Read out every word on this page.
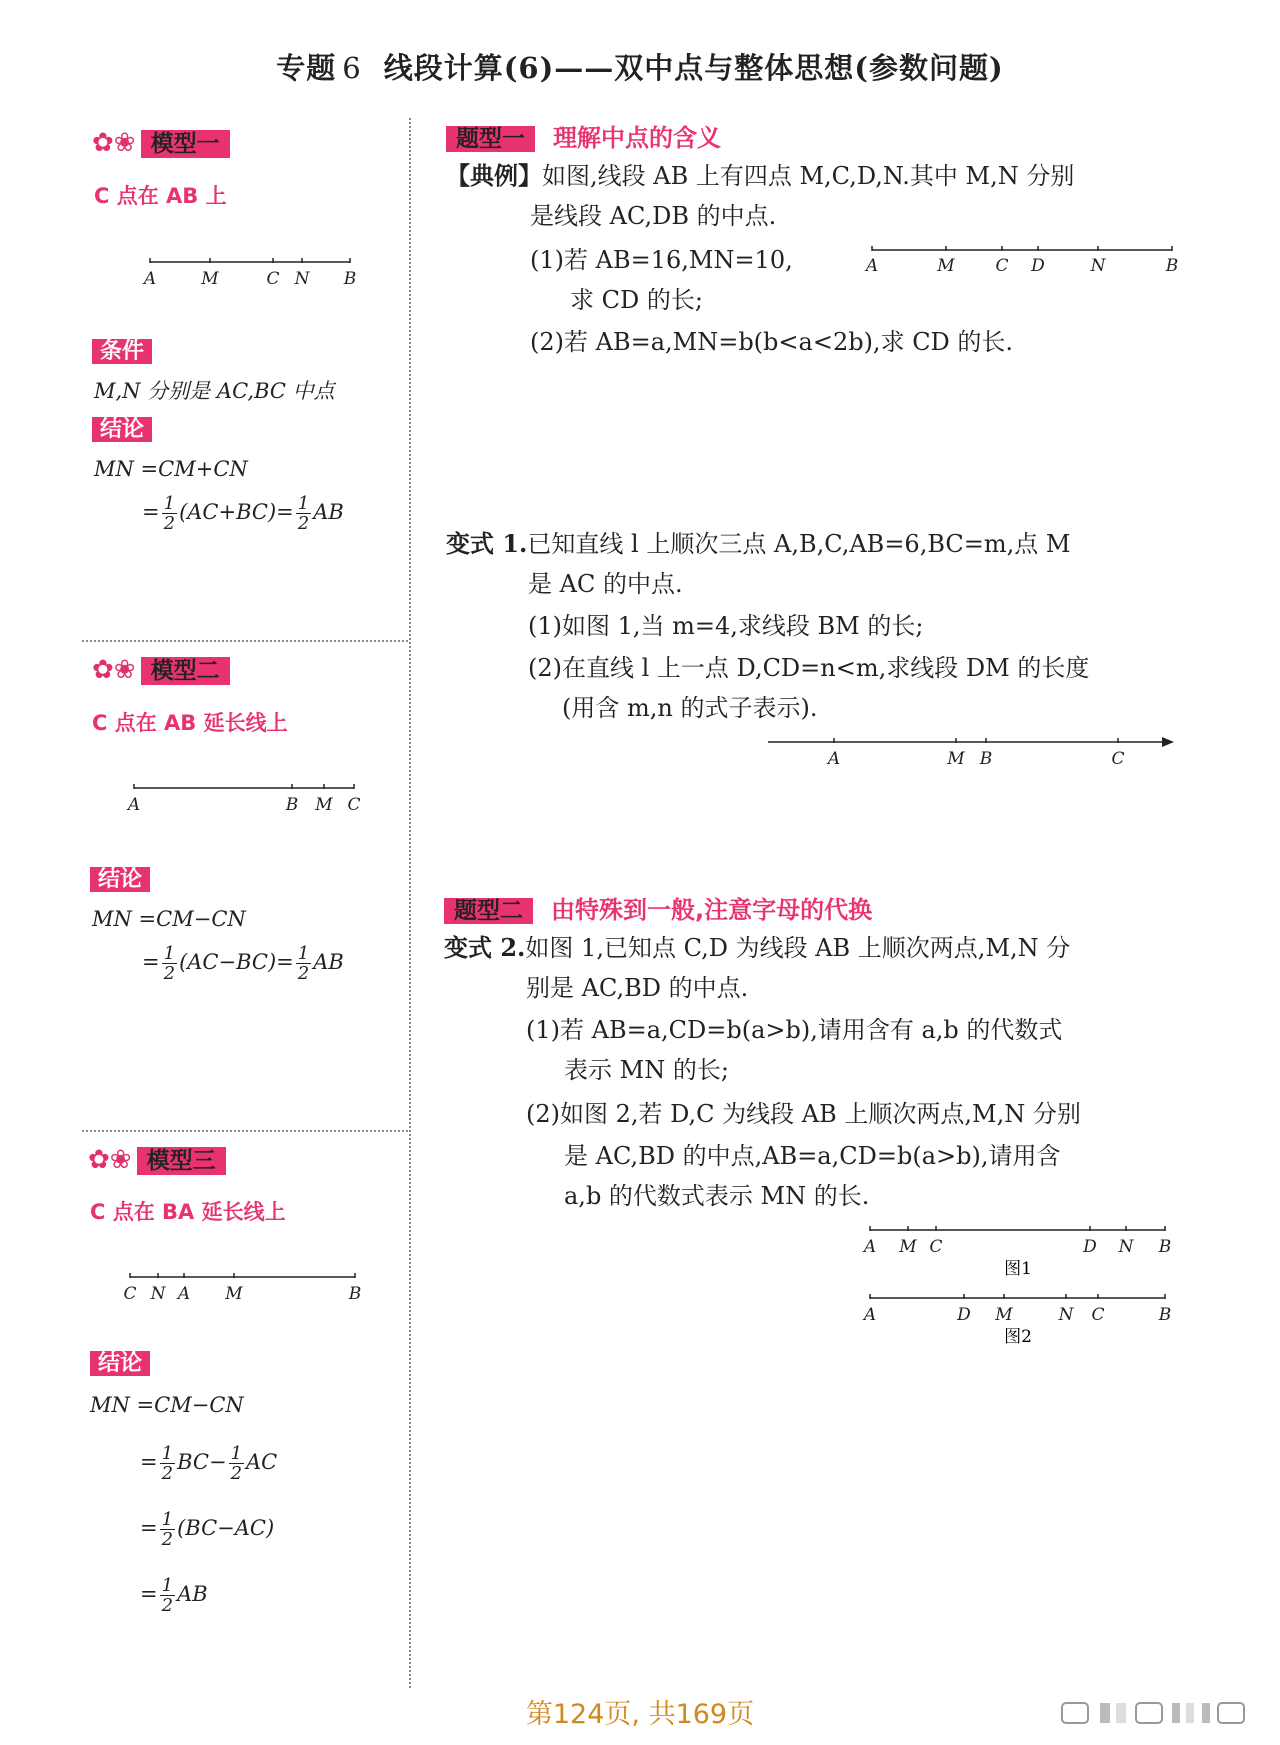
专题 6 线段计算(6)——双中点与整体思想(参数问题)
✿❀ 模型一
C 点在 AB 上
A	M	C N B
条件
M,N 分别是 AC,BC 中点
结论
MN =CM+CN
= $\frac{1}{2} (AC+BC)= \frac{1}{2}$ AB
✿❀ 模型二
C 点在 AB 延长线上
A	B M C
结论
MN =CM−CN
= $\frac{1}{2} (AC-BC)= \frac{1}{2}$ AB
✿❀ 模型三
C 点在 BA 延长线上
C N A M	B
结论
MN =CM−CN
= $\frac{1}{2} BC- \frac{1}{2}$ AC
= $\frac{1}{2} (BC-AC)$
= $\frac{1}{2}$ AB
题型一 理解中点的含义
【典例】如图,线段 AB 上有四点 M,C,D,N.其中 M,N 分别
是线段 AC,DB 的中点.
(1)若 AB=16,MN=10,	A	M C D	N	B
求 CD 的长;
(2)若 AB=a,MN=b(b<a<2b),求 CD 的长.
变式 1.已知直线 l 上顺次三点 A,B,C,AB=6,BC=m,点 M
是 AC 的中点.
(1)如图 1,当 m=4,求线段 BM 的长;
(2)在直线 l 上一点 D,CD=n<m,求线段 DM 的长度
(用含 m,n 的式子表示).
A	M B	C
题型二 由特殊到一般,注意字母的代换
变式 2.如图 1,已知点 C,D 为线段 AB 上顺次两点,M,N 分
别是 AC,BD 的中点.
(1)若 AB=a,CD=b(a>b),请用含有 a,b 的代数式
表示 MN 的长;
(2)如图 2,若 D,C 为线段 AB 上顺次两点,M,N 分别
是 AC,BD 的中点,AB=a,CD=b(a>b),请用含
a,b 的代数式表示 MN 的长.
A M C	D N B
图1
A	D M	N C	B
图2
第124页, 共169页
